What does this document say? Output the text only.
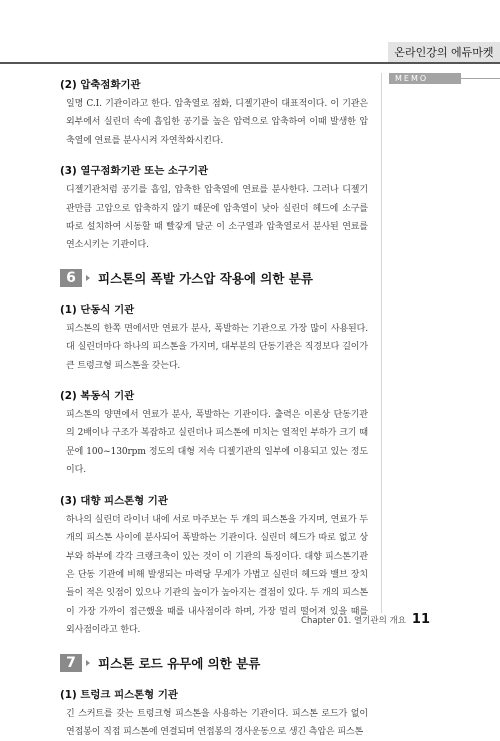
온라인강의 에듀마켓
MEMO
(2) 압축점화기관
일명 C.I. 기관이라고 한다. 압축열로 점화, 디젤기관이 대표적이다. 이 기관은 외부에서 실린더 속에 흡입한 공기를 높은 압력으로 압축하여 이때 발생한 압축열에 연료를 분사시켜 자연착화시킨다.
(3) 열구점화기관 또는 소구기관
디젤기관처럼 공기를 흡입, 압축한 압축열에 연료를 분사한다. 그러나 디젤기관만큼 고압으로 압축하지 않기 때문에 압축열이 낮아 실린더 헤드에 소구를 따로 설치하여 시동할 때 빨갛게 달군 이 소구열과 압축열로서 분사된 연료를 연소시키는 기관이다.
6	피스톤의 폭발 가스압 작용에 의한 분류
(1) 단동식 기관
피스톤의 한쪽 면에서만 연료가 분사, 폭발하는 기관으로 가장 많이 사용된다. 대 실린더마다 하나의 피스톤을 가지며, 대부분의 단동기관은 직경보다 길이가 큰 트렁크형 피스톤을 갖는다.
(2) 복동식 기관
피스톤의 양면에서 연료가 분사, 폭발하는 기관이다. 출력은 이론상 단동기관의 2배이나 구조가 복잡하고 실린더나 피스톤에 미치는 열적인 부하가 크기 때문에 100~130rpm 정도의 대형 저속 디젤기관의 일부에 이용되고 있는 정도이다.
(3) 대향 피스톤형 기관
하나의 실린더 라이너 내에 서로 마주보는 두 개의 피스톤을 가지며, 연료가 두 개의 피스톤 사이에 분사되어 폭발하는 기관이다. 실린더 헤드가 따로 없고 상부와 하부에 각각 크랭크축이 있는 것이 이 기관의 특징이다. 대향 피스톤기관은 단동 기관에 비해 발생되는 마력당 무게가 가볍고 실린더 헤드와 밸브 장치들이 적은 잇점이 있으나 기관의 높이가 높아지는 결점이 있다. 두 개의 피스톤이 가장 가까이 접근했을 때를 내사점이라 하며, 가장 멀리 떨어져 있을 때를 외사점이라고 한다.
7	피스톤 로드 유무에 의한 분류
(1) 트렁크 피스톤형 기관
긴 스커트를 갖는 트렁크형 피스톤을 사용하는 기관이다. 피스톤 로드가 없이 연접봉이 직접 피스톤에 연결되며 연접봉의 경사운동으로 생긴 측압은 피스톤
Chapter 01. 열기관의 개요 11
